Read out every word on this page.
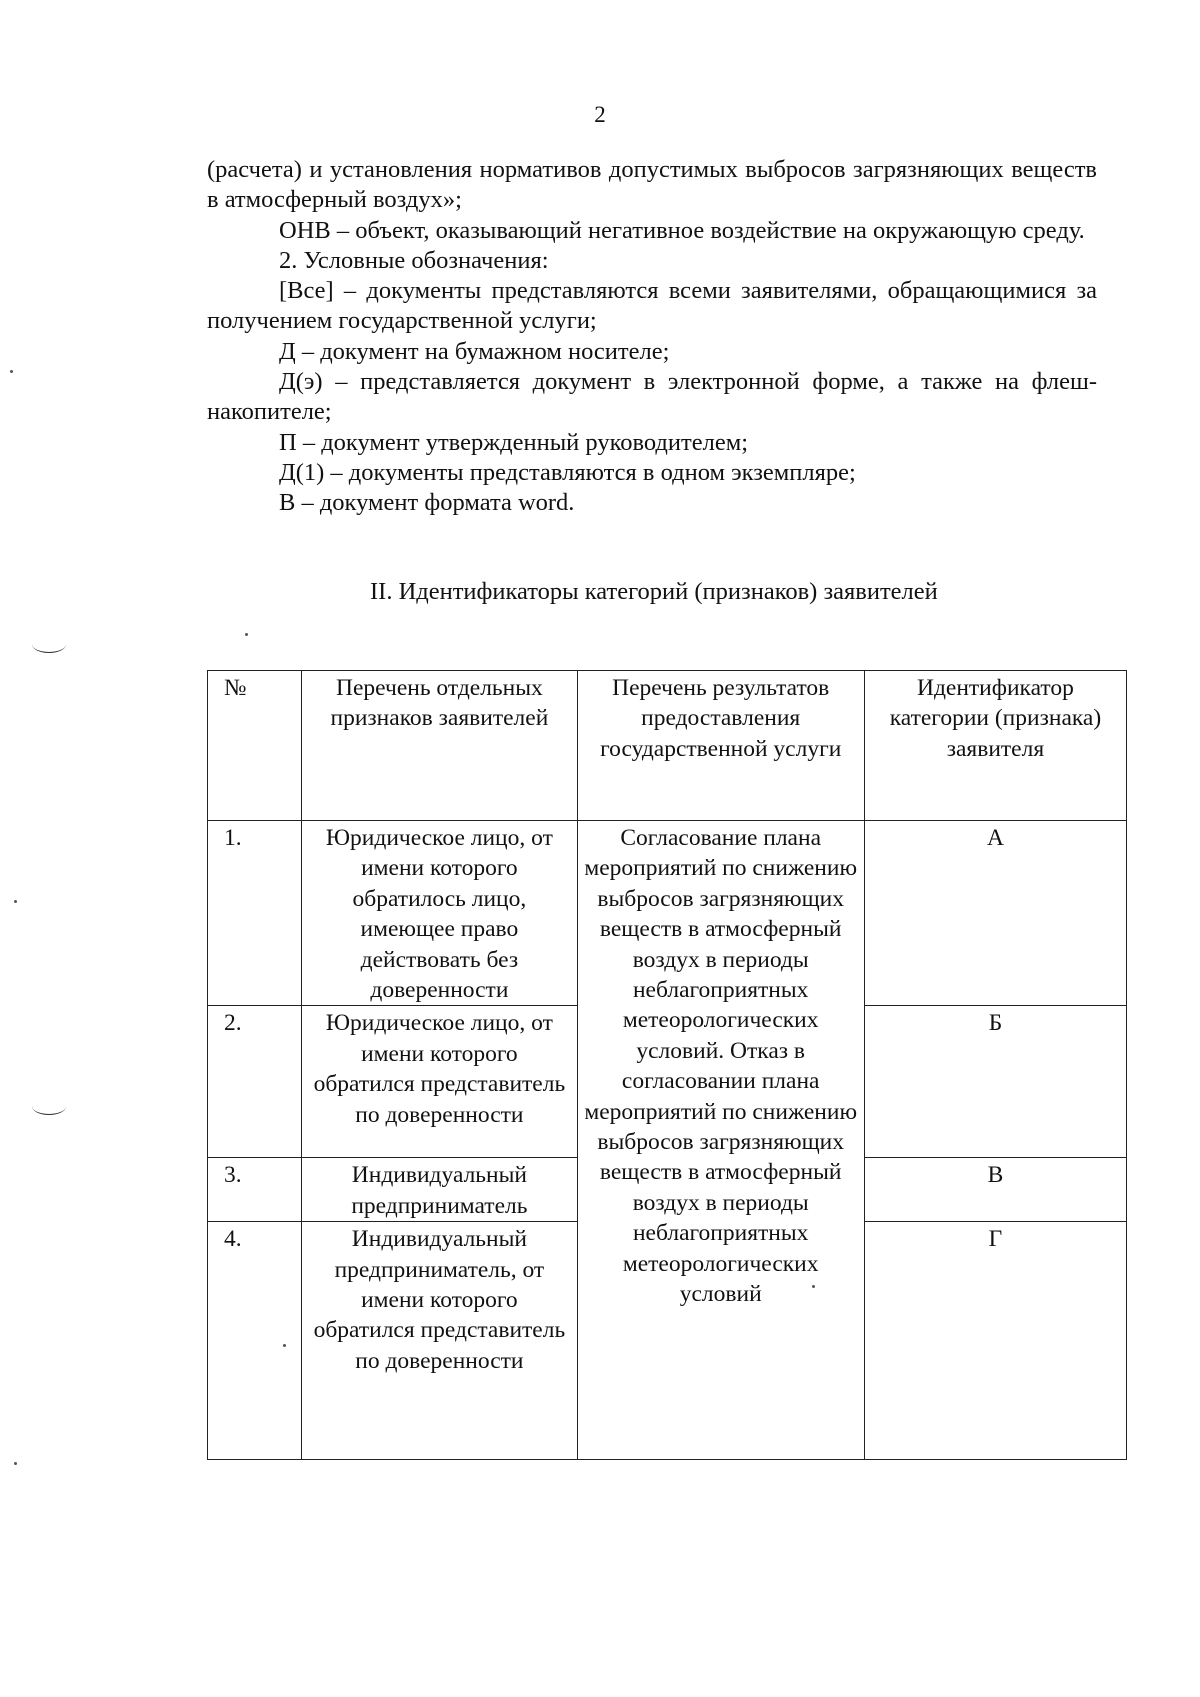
2

(расчета) и установления нормативов допустимых выбросов загрязняющих веществ в атмосферный воздух»;

ОНВ – объект, оказывающий негативное воздействие на окружающую среду.

2. Условные обозначения:

[Все] – документы представляются всеми заявителями, обращающимися за получением государственной услуги;

Д – документ на бумажном носителе;

Д(э) – представляется документ в электронной форме, а также на флеш-накопителе;

П – документ утвержденный руководителем;

Д(1) – документы представляются в одном экземпляре;

В – документ формата word.

II. Идентификаторы категорий (признаков) заявителей
№	Перечень отдельных признаков заявителей	Перечень результатов предоставления государственной услуги	Идентификатор категории (признака) заявителя
1.	Юридическое лицо, от имени которого обратилось лицо, имеющее право действовать без доверенности	Согласование плана мероприятий по снижению выбросов загрязняющих веществ в атмосферный воздух в периоды неблагоприятных метеорологических условий. Отказ в согласовании плана мероприятий по снижению выбросов загрязняющих веществ в атмосферный воздух в периоды неблагоприятных метеорологических условий	А
2.	Юридическое лицо, от имени которого обратился представитель по доверенности		Б
3.	Индивидуальный предприниматель		В
4.	Индивидуальный предприниматель, от имени которого обратился представитель по доверенности		Г
